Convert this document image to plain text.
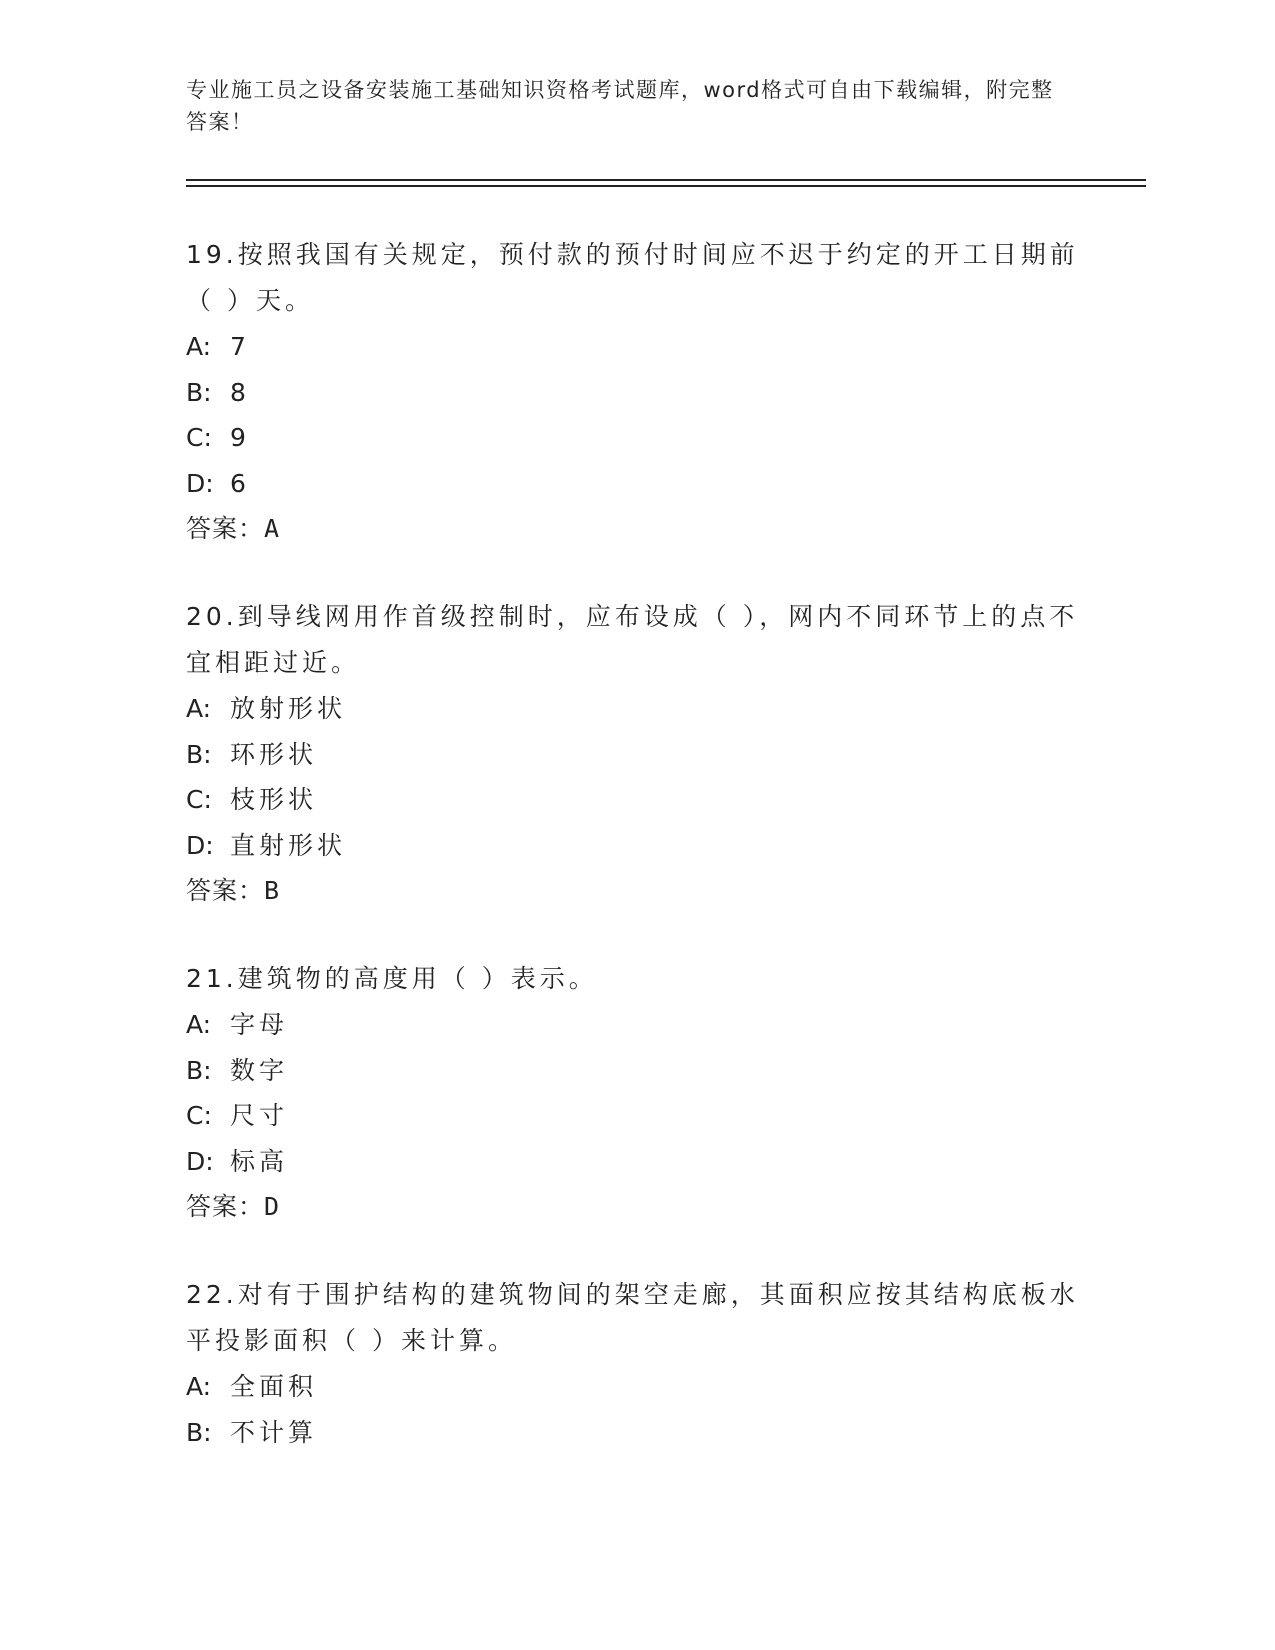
专业施工员之设备安装施工基础知识资格考试题库，word格式可自由下载编辑，附完整答案！
19.按照我国有关规定，预付款的预付时间应不迟于约定的开工日期前（ ）天。
A: 7
B: 8
C: 9
D: 6
答案：A
20.到导线网用作首级控制时，应布设成（ ），网内不同环节上的点不宜相距过近。
A: 放射形状
B: 环形状
C: 枝形状
D: 直射形状
答案：B
21.建筑物的高度用（ ）表示。
A: 字母
B: 数字
C: 尺寸
D: 标高
答案：D
22.对有于围护结构的建筑物间的架空走廊，其面积应按其结构底板水平投影面积（ ）来计算。
A: 全面积
B: 不计算
